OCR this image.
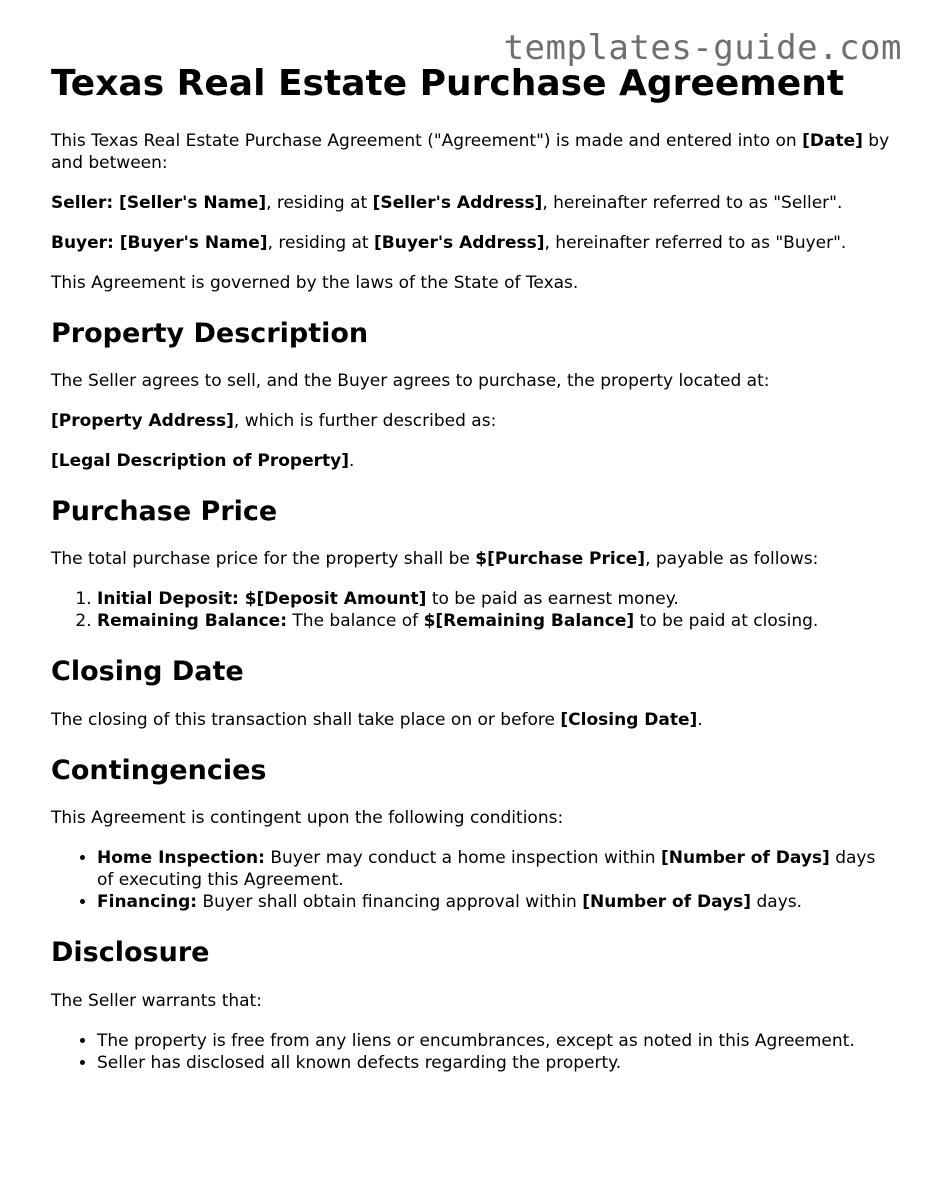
templates-guide.com
Texas Real Estate Purchase Agreement

This Texas Real Estate Purchase Agreement ("Agreement") is made and entered into on [Date] by and between:

Seller: [Seller's Name], residing at [Seller's Address], hereinafter referred to as "Seller".

Buyer: [Buyer's Name], residing at [Buyer's Address], hereinafter referred to as "Buyer".

This Agreement is governed by the laws of the State of Texas.

Property Description

The Seller agrees to sell, and the Buyer agrees to purchase, the property located at:

[Property Address], which is further described as:

[Legal Description of Property].

Purchase Price

The total purchase price for the property shall be $[Purchase Price], payable as follows:

1. Initial Deposit: $[Deposit Amount] to be paid as earnest money.
2. Remaining Balance: The balance of $[Remaining Balance] to be paid at closing.
Closing Date

The closing of this transaction shall take place on or before [Closing Date].

Contingencies

This Agreement is contingent upon the following conditions:

• Home Inspection: Buyer may conduct a home inspection within [Number of Days] days of executing this Agreement.
• Financing: Buyer shall obtain financing approval within [Number of Days] days.
Disclosure

The Seller warrants that:

• The property is free from any liens or encumbrances, except as noted in this Agreement.
• Seller has disclosed all known defects regarding the property.
